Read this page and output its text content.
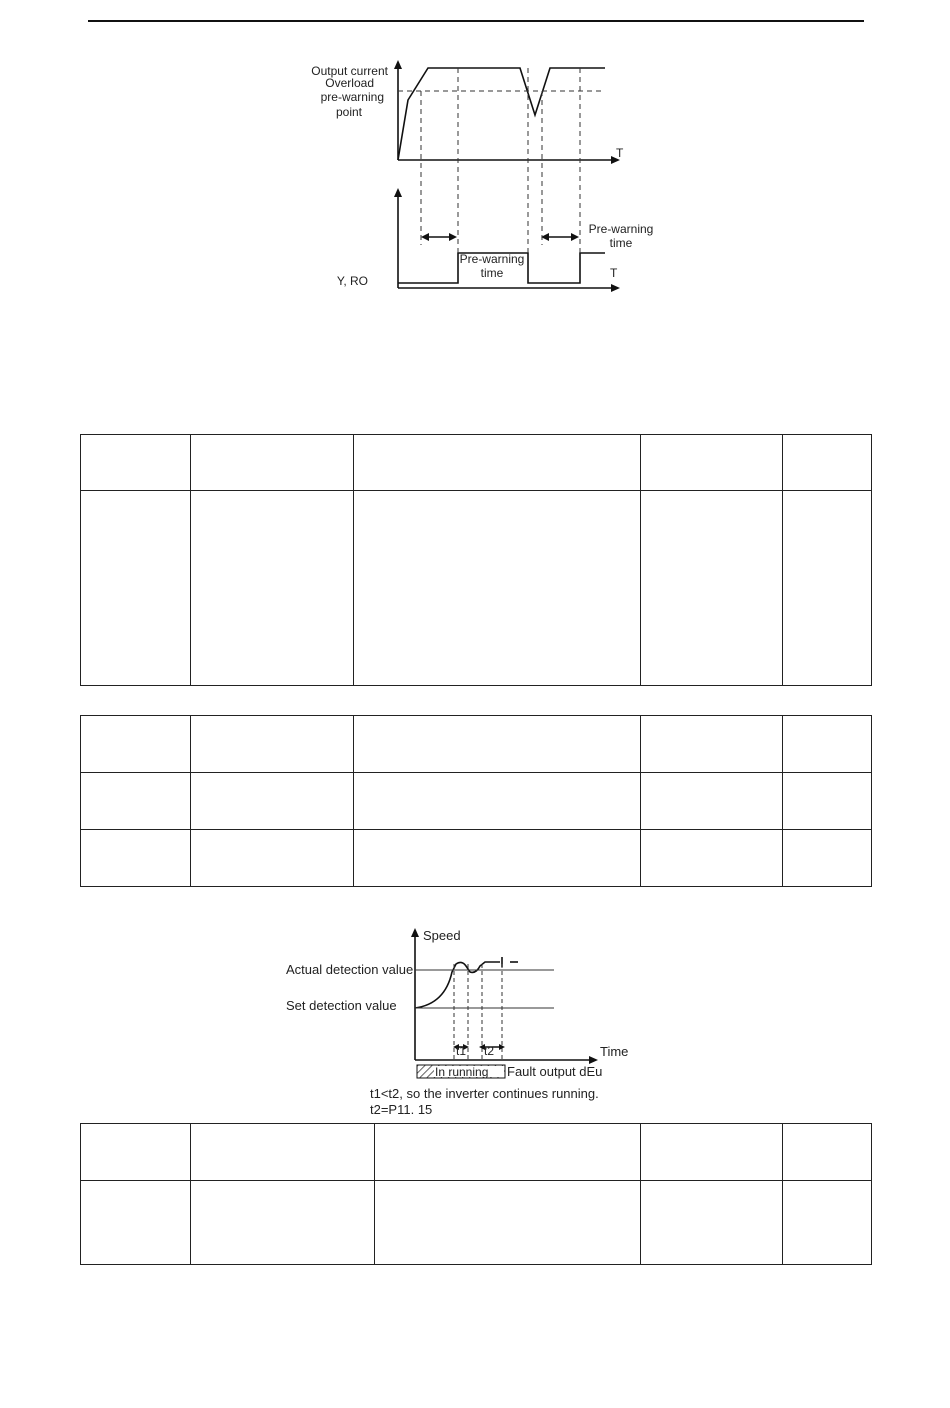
Output current
Overload
pre-warning
point
T
T
Y, RO
Pre-warning
time
Pre-warning
time

Speed
Actual detection value
Set detection value
Time
t1 t2
In running Fault output dEu
t1<t2, so the inverter continues running.
t2=P11. 15
